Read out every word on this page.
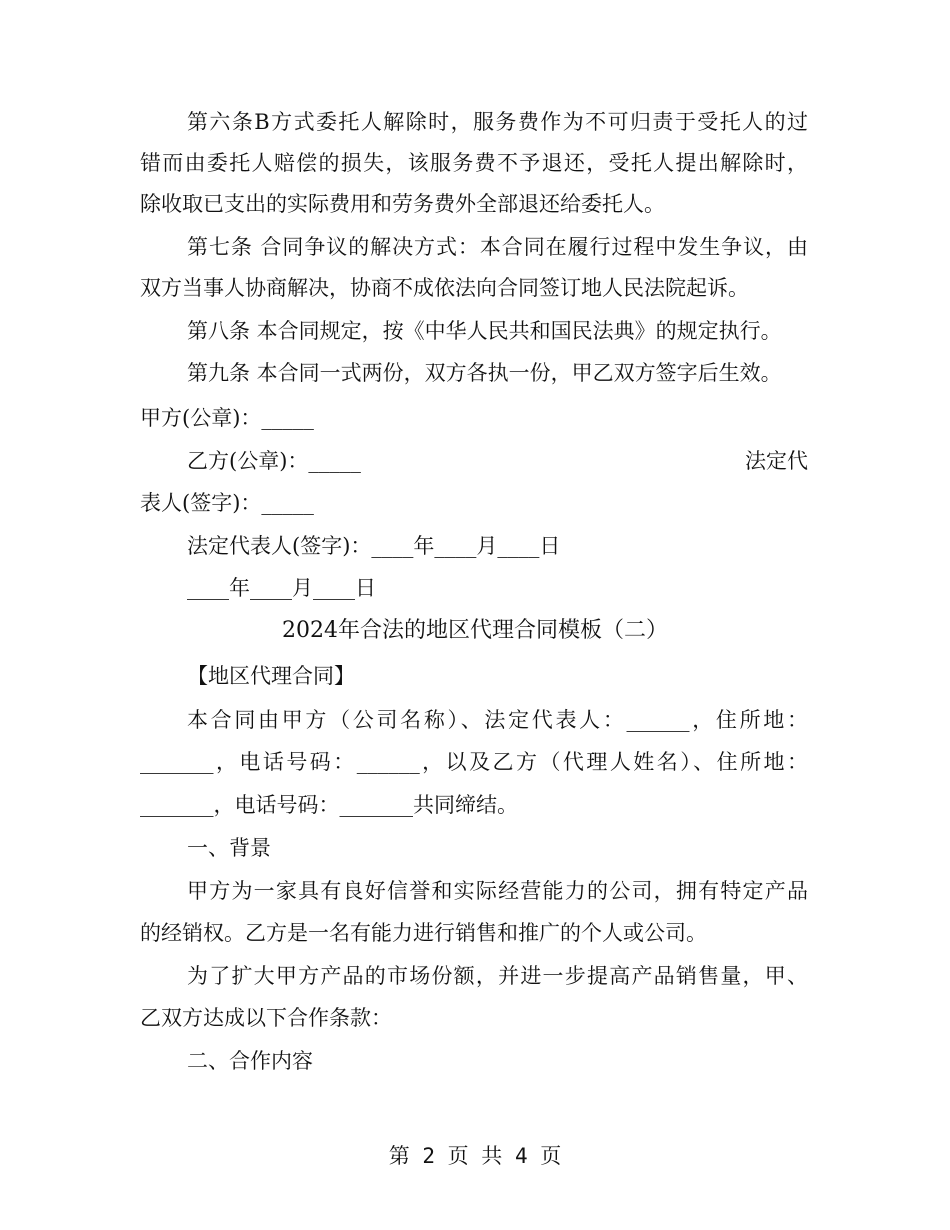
第六条B方式委托人解除时，服务费作为不可归责于受托人的过
错而由委托人赔偿的损失，该服务费不予退还，受托人提出解除时，
除收取已支出的实际费用和劳务费外全部退还给委托人。
第七条 合同争议的解决方式：本合同在履行过程中发生争议，由
双方当事人协商解决，协商不成依法向合同签订地人民法院起诉。
第八条 本合同规定，按《中华人民共和国民法典》的规定执行。
第九条 本合同一式两份，双方各执一份，甲乙双方签字后生效。
甲方(公章)：_____
乙方(公章)：_____	法定代
表人(签字)：_____
法定代表人(签字)：____年____月____日
____年____月____日
2024年合法的地区代理合同模板（二）
【地区代理合同】
本合同由甲方（公司名称）、法定代表人：______，住所地：
_______，电话号码：______，以及乙方（代理人姓名）、住所地：
_______，电话号码：_______共同缔结。
一、背景
甲方为一家具有良好信誉和实际经营能力的公司，拥有特定产品
的经销权。乙方是一名有能力进行销售和推广的个人或公司。
为了扩大甲方产品的市场份额，并进一步提高产品销售量，甲、
乙双方达成以下合作条款：
二、合作内容
第 2 页 共 4 页
